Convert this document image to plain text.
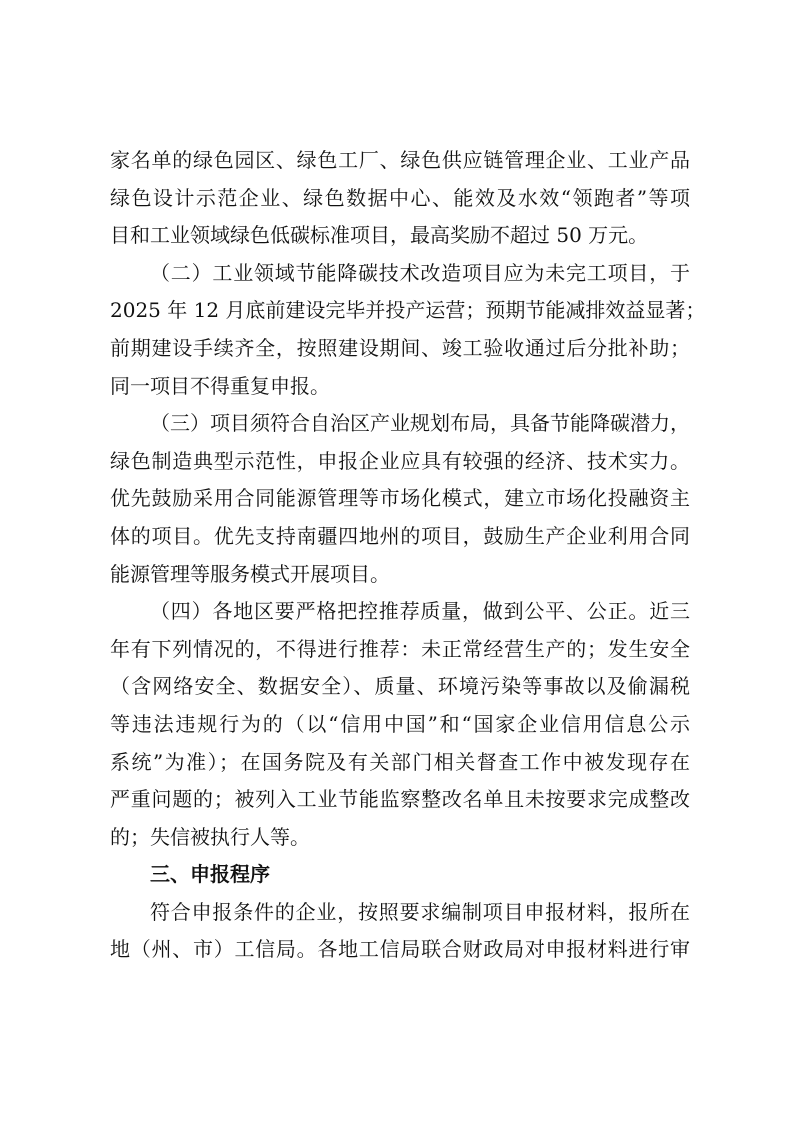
家名单的绿色园区、绿色工厂、绿色供应链管理企业、工业产品
绿色设计示范企业、绿色数据中心、能效及水效“领跑者”等项
目和工业领域绿色低碳标准项目，最高奖励不超过 50 万元。
（二）工业领域节能降碳技术改造项目应为未完工项目，于
2025 年 12 月底前建设完毕并投产运营；预期节能减排效益显著；
前期建设手续齐全，按照建设期间、竣工验收通过后分批补助；
同一项目不得重复申报。
（三）项目须符合自治区产业规划布局，具备节能降碳潜力，
绿色制造典型示范性，申报企业应具有较强的经济、技术实力。
优先鼓励采用合同能源管理等市场化模式，建立市场化投融资主
体的项目。优先支持南疆四地州的项目，鼓励生产企业利用合同
能源管理等服务模式开展项目。
（四）各地区要严格把控推荐质量，做到公平、公正。近三
年有下列情况的，不得进行推荐：未正常经营生产的；发生安全
（含网络安全、数据安全）、质量、环境污染等事故以及偷漏税
等违法违规行为的（以“信用中国”和“国家企业信用信息公示
系统”为准）；在国务院及有关部门相关督查工作中被发现存在
严重问题的；被列入工业节能监察整改名单且未按要求完成整改
的；失信被执行人等。
三、申报程序
符合申报条件的企业，按照要求编制项目申报材料，报所在
地（州、市）工信局。各地工信局联合财政局对申报材料进行审
